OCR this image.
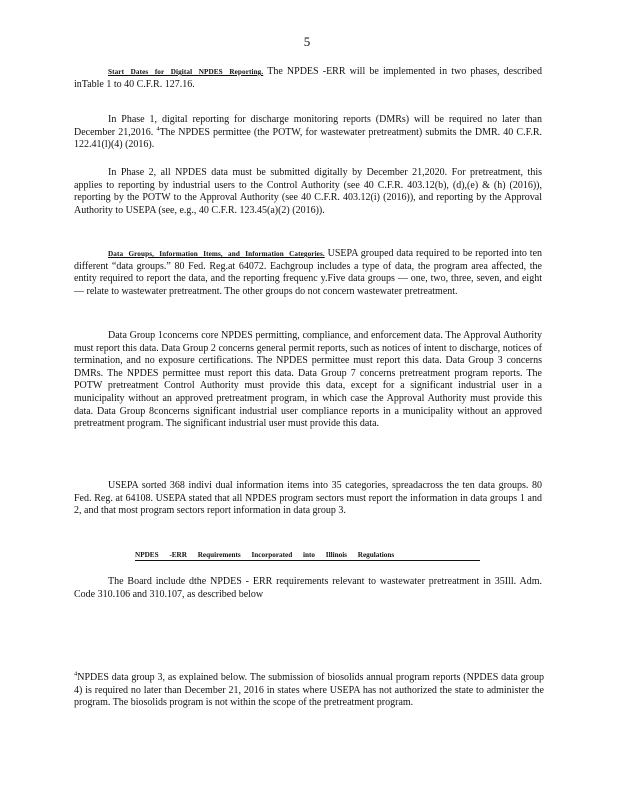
5

Start Dates for Digital NPDES Reporting. The NPDES -ERR will be implemented in two phases, described inTable 1 to 40 C.F.R. 127.16.

In Phase 1, digital reporting for discharge monitoring reports (DMRs) will be required no later than December 21,2016. $^4$The NPDES permittee (the POTW, for wastewater pretreatment) submits the DMR. 40 C.F.R. 122.41(l)(4) (2016).

In Phase 2, all NPDES data must be submitted digitally by December 21,2020. For pretreatment, this applies to reporting by industrial users to the Control Authority (see 40 C.F.R. 403.12(b), (d),(e) & (h) (2016)), reporting by the POTW to the Approval Authority (see 40 C.F.R. 403.12(i) (2016)), and reporting by the Approval Authority to USEPA (see, e.g., 40 C.F.R. 123.45(a)(2) (2016)).

Data Groups, Information Items, and Information Categories. USEPA grouped data required to be reported into ten different “data groups.” 80 Fed. Reg.at 64072. Eachgroup includes a type of data, the program area affected, the entity required to report the data, and the reporting frequenc y.Five data groups — one, two, three, seven, and eight — relate to wastewater pretreatment. The other groups do not concern wastewater pretreatment.

Data Group 1concerns core NPDES permitting, compliance, and enforcement data. The Approval Authority must report this data. Data Group 2 concerns general permit reports, such as notices of intent to discharge, notices of termination, and no exposure certifications. The NPDES permittee must report this data. Data Group 3 concerns DMRs. The NPDES permittee must report this data. Data Group 7 concerns pretreatment program reports. The POTW pretreatment Control Authority must provide this data, except for a significant industrial user in a municipality without an approved pretreatment program, in which case the Approval Authority must provide this data. Data Group 8concerns significant industrial user compliance reports in a municipality without an approved pretreatment program. The significant industrial user must provide this data.

USEPA sorted 368 indivi dual information items into 35 categories, spreadacross the ten data groups. 80 Fed. Reg. at 64108. USEPA stated that all NPDES program sectors must report the information in data groups 1 and 2, and that most program sectors report information in data group 3.

NPDES -ERR Requirements Incorporated into Illinois Regulations

The Board include dthe NPDES - ERR requirements relevant to wastewater pretreatment in 35Ill. Adm. Code 310.106 and 310.107, as described below

$^4$NPDES data group 3, as explained below. The submission of biosolids annual program reports (NPDES data group 4) is required no later than December 21, 2016 in states where USEPA has not authorized the state to administer the program. The biosolids program is not within the scope of the pretreatment program.
